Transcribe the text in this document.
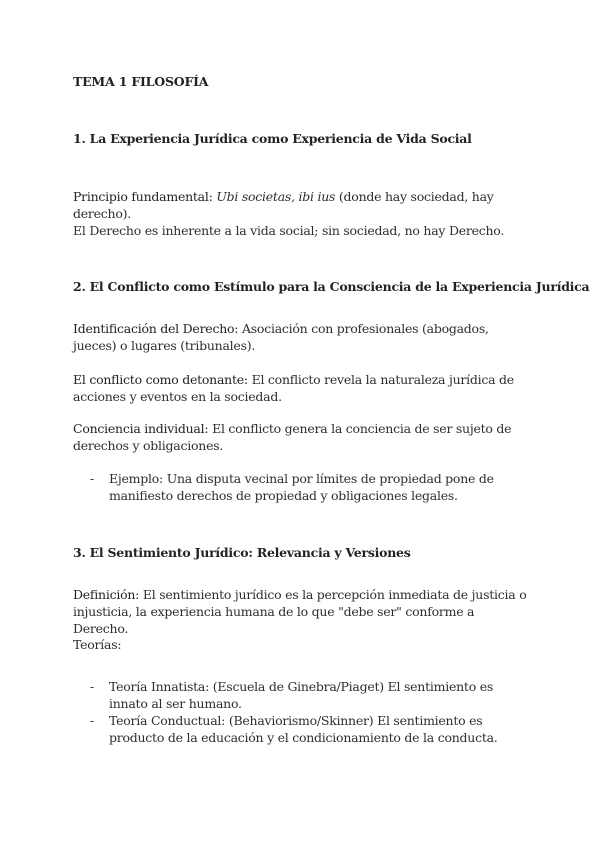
TEMA 1 FILOSOFÍA
1. La Experiencia Jurídica como Experiencia de Vida Social
Principio fundamental: Ubi societas, ibi ius (donde hay sociedad, hay derecho).
El Derecho es inherente a la vida social; sin sociedad, no hay Derecho.
2. El Conflicto como Estímulo para la Consciencia de la Experiencia Jurídica
Identificación del Derecho: Asociación con profesionales (abogados, jueces) o lugares (tribunales).
El conflicto como detonante: El conflicto revela la naturaleza jurídica de acciones y eventos en la sociedad.
Conciencia individual: El conflicto genera la conciencia de ser sujeto de derechos y obligaciones.
- Ejemplo: Una disputa vecinal por límites de propiedad pone de manifiesto derechos de propiedad y obligaciones legales.
3. El Sentimiento Jurídico: Relevancia y Versiones
Definición: El sentimiento jurídico es la percepción inmediata de justicia o injusticia, la experiencia humana de lo que "debe ser" conforme a Derecho.
Teorías:
- Teoría Innatista: (Escuela de Ginebra/Piaget) El sentimiento es innato al ser humano.
- Teoría Conductual: (Behaviorismo/Skinner) El sentimiento es producto de la educación y el condicionamiento de la conducta.
